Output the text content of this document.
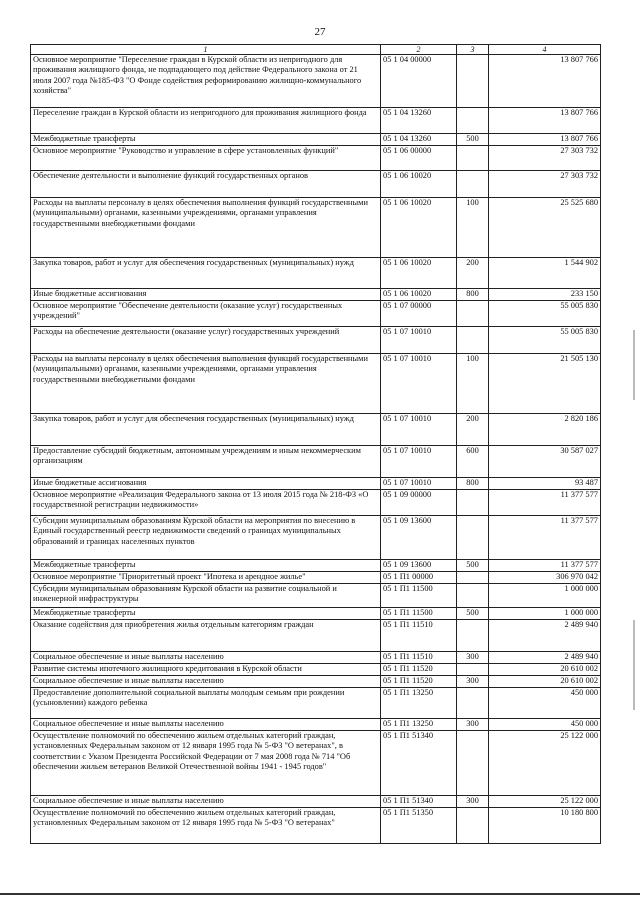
27
1	2	3	4
Основное мероприятие "Переселение граждан в Курской области из непригодного для проживания жилищного фонда, не подпадающего под действие Федерального закона от 21 июля 2007 года №185-ФЗ "О Фонде содействия реформированию жилищно-коммунального хозяйства"	05 1 04 00000		13 807 766
Переселение граждан в Курской области из непригодного для проживания жилищного фонда	05 1 04 13260		13 807 766
Межбюджетные трансферты	05 1 04 13260	500	13 807 766
Основное мероприятие "Руководство и управление в сфере установленных функций"	05 1 06 00000		27 303 732
Обеспечение деятельности и выполнение функций государственных органов	05 1 06 10020		27 303 732
Расходы на выплаты персоналу в целях обеспечения выполнения функций государственными (муниципальными) органами, казенными учреждениями, органами управления государственными внебюджетными фондами	05 1 06 10020	100	25 525 680
Закупка товаров, работ и услуг для обеспечения государственных (муниципальных) нужд	05 1 06 10020	200	1 544 902
Иные бюджетные ассигнования	05 1 06 10020	800	233 150
Основное мероприятие "Обеспечение деятельности (оказание услуг) государственных учреждений"	05 1 07 00000		55 005 830
Расходы на обеспечение деятельности (оказание услуг) государственных учреждений	05 1 07 10010		55 005 830
Расходы на выплаты персоналу в целях обеспечения выполнения функций государственными (муниципальными) органами, казенными учреждениями, органами управления государственными внебюджетными фондами	05 1 07 10010	100	21 505 130
Закупка товаров, работ и услуг для обеспечения государственных (муниципальных) нужд	05 1 07 10010	200	2 820 186
Предоставление субсидий бюджетным, автономным учреждениям и иным некоммерческим организациям	05 1 07 10010	600	30 587 027
Иные бюджетные ассигнования	05 1 07 10010	800	93 487
Основное мероприятие «Реализация Федерального закона от 13 июля 2015 года № 218-ФЗ «О государственной регистрации недвижимости»	05 1 09 00000		11 377 577
Субсидии муниципальным образованиям Курской области на мероприятия по внесению в Единый государственный реестр недвижимости сведений о границах муниципальных образований и границах населенных пунктов	05 1 09 13600		11 377 577
Межбюджетные трансферты	05 1 09 13600	500	11 377 577
Основное мероприятие "Приоритетный проект "Ипотека и арендное жилье"	05 1 П1 00000		306 970 042
Субсидии муниципальным образованиям Курской области на развитие социальной и инженерной инфраструктуры	05 1 П1 11500		1 000 000
Межбюджетные трансферты	05 1 П1 11500	500	1 000 000
Оказание содействия для приобретения жилья отдельным категориям граждан	05 1 П1 11510		2 489 940
Социальное обеспечение и иные выплаты населению	05 1 П1 11510	300	2 489 940
Развитие системы ипотечного жилищного кредитования в Курской области	05 1 П1 11520		20 610 002
Социальное обеспечение и иные выплаты населению	05 1 П1 11520	300	20 610 002
Предоставление дополнительной социальной выплаты молодым семьям при рождении (усыновлении) каждого ребенка	05 1 П1 13250		450 000
Социальное обеспечение и иные выплаты населению	05 1 П1 13250	300	450 000
Осуществление полномочий по обеспечению жильем отдельных категорий граждан, установленных Федеральным законом от 12 января 1995 года № 5-ФЗ "О ветеранах", в соответствии с Указом Президента Российской Федерации от 7 мая 2008 года № 714 "Об обеспечении жильем ветеранов Великой Отечественной войны 1941 - 1945 годов"	05 1 П1 51340		25 122 000
Социальное обеспечение и иные выплаты населению	05 1 П1 51340	300	25 122 000
Осуществление полномочий по обеспечению жильем отдельных категорий граждан, установленных Федеральным законом от 12 января 1995 года № 5-ФЗ "О ветеранах"	05 1 П1 51350		10 180 800
